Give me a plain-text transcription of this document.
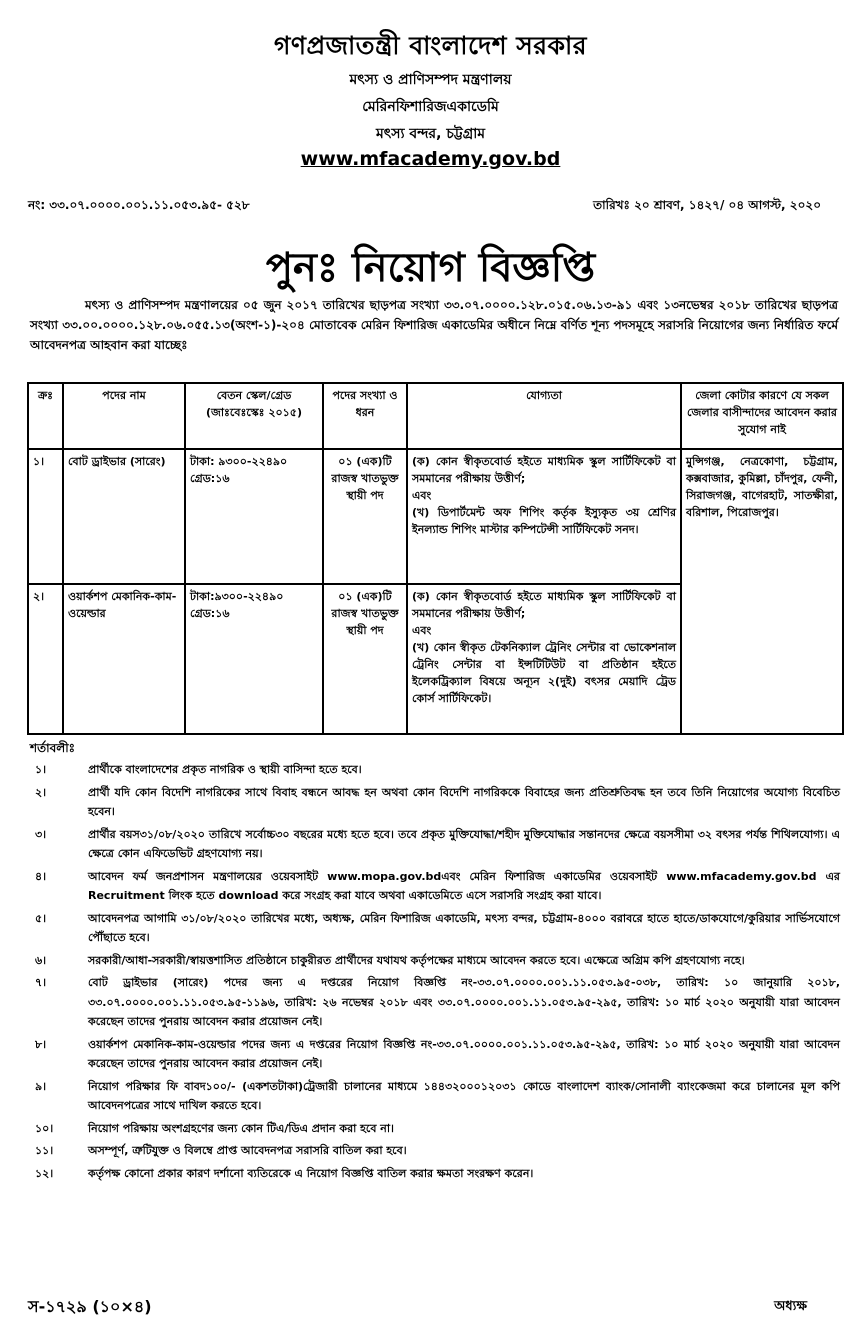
গণপ্রজাতন্ত্রী বাংলাদেশ সরকার
মৎস্য ও প্রাণিসম্পদ মন্ত্রণালয়
মেরিনফিশারিজএকাডেমি
মৎস্য বন্দর, চট্টগ্রাম
www.mfacademy.gov.bd
নং: ৩৩.০৭.০০০০.০০১.১১.০৫৩.৯৫- ৫২৮	তারিখঃ ২০ শ্রাবণ, ১৪২৭/ ০৪ আগস্ট, ২০২০
পুনঃ নিয়োগ বিজ্ঞপ্তি
মৎস্য ও প্রাণিসম্পদ মন্ত্রণালয়ের ০৫ জুন ২০১৭ তারিখের ছাড়পত্র সংখ্যা ৩৩.০৭.০০০০.১২৮.০১৫.০৬.১৩-৯১ এবং ১৩নভেম্বর ২০১৮ তারিখের ছাড়পত্র সংখ্যা ৩৩.০০.০০০০.১২৮.০৬.০৫৫.১৩(অংশ-১)-২০৪ মোতাবেক মেরিন ফিশারিজ একাডেমির অধীনে নিম্নে বর্ণিত শূন্য পদসমূহে সরাসরি নিয়োগের জন্য নির্ধারিত ফর্মে আবেদনপত্র আহবান করা যাচ্ছেঃ
ক্রঃ	পদের নাম	বেতন স্কেল/গ্রেড (জাঃবেঃস্কেঃ ২০১৫)	পদের সংখ্যা ও ধরন	যোগ্যতা	জেলা কোটার কারণে যে সকল জেলার বাসীন্দাদের আবেদন করার সুযোগ নাই
১।	বোট ড্রাইভার (সারেং)	টাকা: ৯৩০০-২২৪৯০ গ্রেড:১৬	০১ (এক)টি রাজস্ব খাতভুক্ত স্থায়ী পদ	(ক) কোন স্বীকৃতবোর্ড হইতে মাধ্যমিক স্কুল সার্টিফিকেট বা সমমানের পরীক্ষায় উত্তীর্ণ;
এবং
(খ) ডিপার্টমেন্ট অফ শিপিং কর্তৃক ইস্যুকৃত ৩য় শ্রেণির ইনল্যান্ড শিপিং মাস্টার কম্পিটেন্সী সার্টিফিকেট সনদ।	মুন্সিগঞ্জ, নেত্রকোণা, চট্টগ্রাম, কক্সবাজার, কুমিল্লা, চাঁদপুর, ফেনী, সিরাজগঞ্জ, বাগেরহাট, সাতক্ষীরা, বরিশাল, পিরোজপুর।
২।	ওয়ার্কশপ মেকানিক-কাম-ওয়েল্ডার	টাকা:৯৩০০-২২৪৯০ গ্রেড:১৬	০১ (এক)টি রাজস্ব খাতভুক্ত স্থায়ী পদ	(ক) কোন স্বীকৃতবোর্ড হইতে মাধ্যমিক স্কুল সার্টিফিকেট বা সমমানের পরীক্ষায় উত্তীর্ণ;
এবং
(খ) কোন স্বীকৃত টেকনিক্যাল ট্রেনিং সেন্টার বা ভোকেশনাল ট্রেনিং সেন্টার বা ইন্সটিটিউট বা প্রতিষ্ঠান হইতে ইলেকট্রিক্যাল বিষয়ে অন্যূন ২(দুই) বৎসর মেয়াদি ট্রেড কোর্স সার্টিফিকেট।	
শর্তাবলীঃ
১।	প্রার্থীকে বাংলাদেশের প্রকৃত নাগরিক ও স্থায়ী বাসিন্দা হতে হবে।
২।	প্রার্থী যদি কোন বিদেশি নাগরিকের সাথে বিবাহ বন্ধনে আবদ্ধ হন অথবা কোন বিদেশি নাগরিককে বিবাহের জন্য প্রতিশ্রুতিবদ্ধ হন তবে তিনি নিয়োগের অযোগ্য বিবেচিত হবেন।
৩।	প্রার্থীর বয়স৩১/০৮/২০২০ তারিখে সর্বোচ্চ৩০ বছরের মধ্যে হতে হবে। তবে প্রকৃত মুক্তিযোদ্ধা/শহীদ মুক্তিযোদ্ধার সন্তানদের ক্ষেত্রে বয়সসীমা ৩২ বৎসর পর্যন্ত শিথিলযোগ্য। এ ক্ষেত্রে কোন এফিডেভিট গ্রহণযোগ্য নয়।
৪।	আবেদন ফর্ম জনপ্রশাসন মন্ত্রণালয়ের ওয়েবসাইট www.mopa.gov.bdএবং মেরিন ফিশারিজ একাডেমির ওয়েবসাইট www.mfacademy.gov.bd এর Recruitment লিংক হতে download করে সংগ্রহ করা যাবে অথবা একাডেমিতে এসে সরাসরি সংগ্রহ করা যাবে।
৫।	আবেদনপত্র আগামি ৩১/০৮/২০২০ তারিখের মধ্যে, অধ্যক্ষ, মেরিন ফিশারিজ একাডেমি, মৎস্য বন্দর, চট্টগ্রাম-৪০০০ বরাবরে হাতে হাতে/ডাকযোগে/কুরিয়ার সার্ভিসযোগে পৌঁছাতে হবে।
৬।	সরকারী/আধা-সরকারী/স্বায়ত্তশাসিত প্রতিষ্ঠানে চাকুরীরত প্রার্থীদের যথাযথ কর্তৃপক্ষের মাধ্যমে আবেদন করতে হবে। এক্ষেত্রে অগ্রিম কপি গ্রহণযোগ্য নহে।
৭।	বোট ড্রাইভার (সারেং) পদের জন্য এ দপ্তরের নিয়োগ বিজ্ঞপ্তি নং-৩৩.০৭.০০০০.০০১.১১.০৫৩.৯৫-০৩৮, তারিখ: ১০ জানুয়ারি ২০১৮, ৩৩.০৭.০০০০.০০১.১১.০৫৩.৯৫-১১৯৬, তারিখ: ২৬ নভেম্বর ২০১৮ এবং ৩৩.০৭.০০০০.০০১.১১.০৫৩.৯৫-২৯৫, তারিখ: ১০ মার্চ ২০২০ অনুযায়ী যারা আবেদন করেছেন তাদের পুনরায় আবেদন করার প্রয়োজন নেই।
৮।	ওয়ার্কশপ মেকানিক-কাম-ওয়েল্ডার পদের জন্য এ দপ্তরের নিয়োগ বিজ্ঞপ্তি নং-৩৩.০৭.০০০০.০০১.১১.০৫৩.৯৫-২৯৫, তারিখ: ১০ মার্চ ২০২০ অনুযায়ী যারা আবেদন করেছেন তাদের পুনরায় আবেদন করার প্রয়োজন নেই।
৯।	নিয়োগ পরিক্ষার ফি বাবদ১০০/- (একশতটাকা)ট্রেজারী চালানের মাধ্যমে ১৪৪৩২০০০১২০৩১ কোডে বাংলাদেশ ব্যাংক/সোনালী ব্যাংকেজমা করে চালানের মূল কপি আবেদনপত্রের সাথে দাখিল করতে হবে।
১০।	নিয়োগ পরিক্ষায় অংশগ্রহণের জন্য কোন টিএ/ডিএ প্রদান করা হবে না।
১১।	অসম্পূর্ণ, ত্রুটিযুক্ত ও বিলম্বে প্রাপ্ত আবেদনপত্র সরাসরি বাতিল করা হবে।
১২।	কর্তৃপক্ষ কোনো প্রকার কারণ দর্শানো ব্যতিরেকে এ নিয়োগ বিজ্ঞপ্তি বাতিল করার ক্ষমতা সংরক্ষণ করেন।
স-১৭২৯ (১০×৪)	অধ্যক্ষ
